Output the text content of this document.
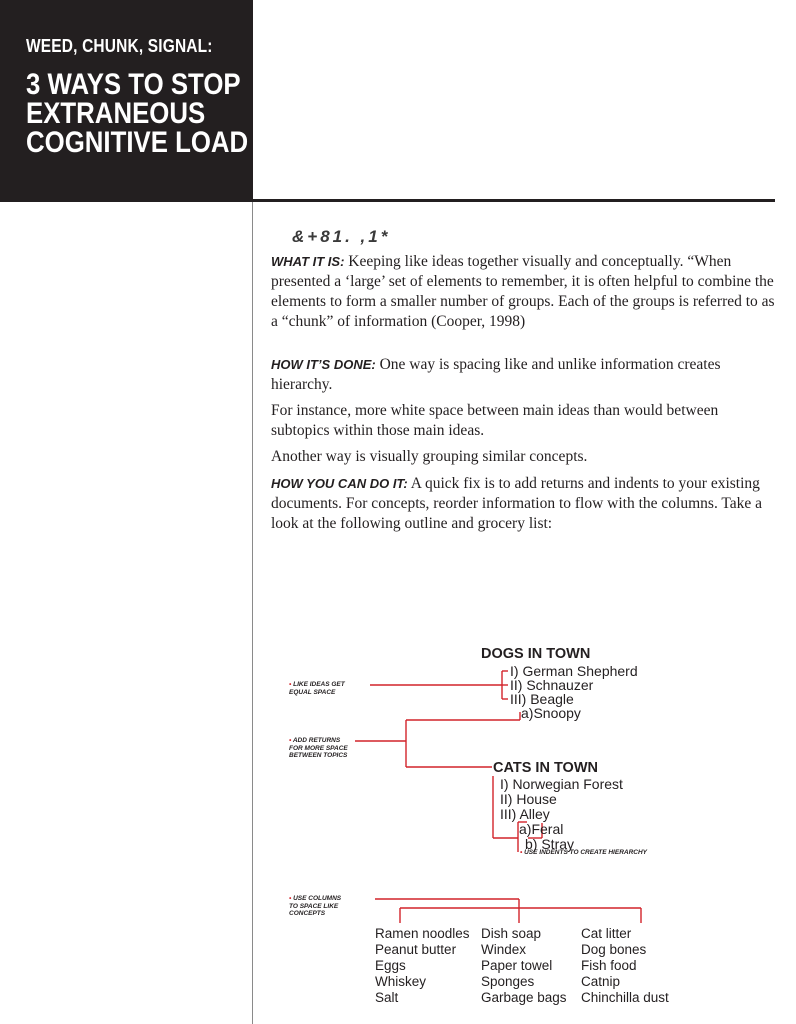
WEED, CHUNK, SIGNAL:
3 WAYS TO STOP
EXTRANEOUS
COGNITIVE LOAD
&+81. ,1*

WHAT IT IS: Keeping like ideas together visually and conceptually. “When presented a ‘large’ set of elements to remember, it is often helpful to combine the elements to form a smaller number of groups. Each of the groups is referred to as a “chunk” of information (Cooper, 1998)

HOW IT’S DONE: One way is spacing like and unlike information creates hierarchy.

For instance, more white space between main ideas than would between subtopics within those main ideas.

Another way is visually grouping similar concepts.

HOW YOU CAN DO IT: A quick fix is to add returns and indents to your existing documents. For concepts, reorder information to flow with the columns. Take a look at the following outline and grocery list:

• LIKE IDEAS GET
EQUAL SPACE
• ADD RETURNS
FOR MORE SPACE
BETWEEN TOPICS
• USE INDENTS TO CREATE HIERARCHY
• USE COLUMNS
TO SPACE LIKE
CONCEPTS
DOGS IN TOWN
I) German Shepherd
II) Schnauzer
III) Beagle
a)Snoopy
CATS IN TOWN
I) Norwegian Forest
II) House
III) Alley
a)Feral
b) Stray
Ramen noodles
Peanut butter
Eggs
Whiskey
Salt
Dish soap
Windex
Paper towel
Sponges
Garbage bags
Cat litter
Dog bones
Fish food
Catnip
Chinchilla dust
